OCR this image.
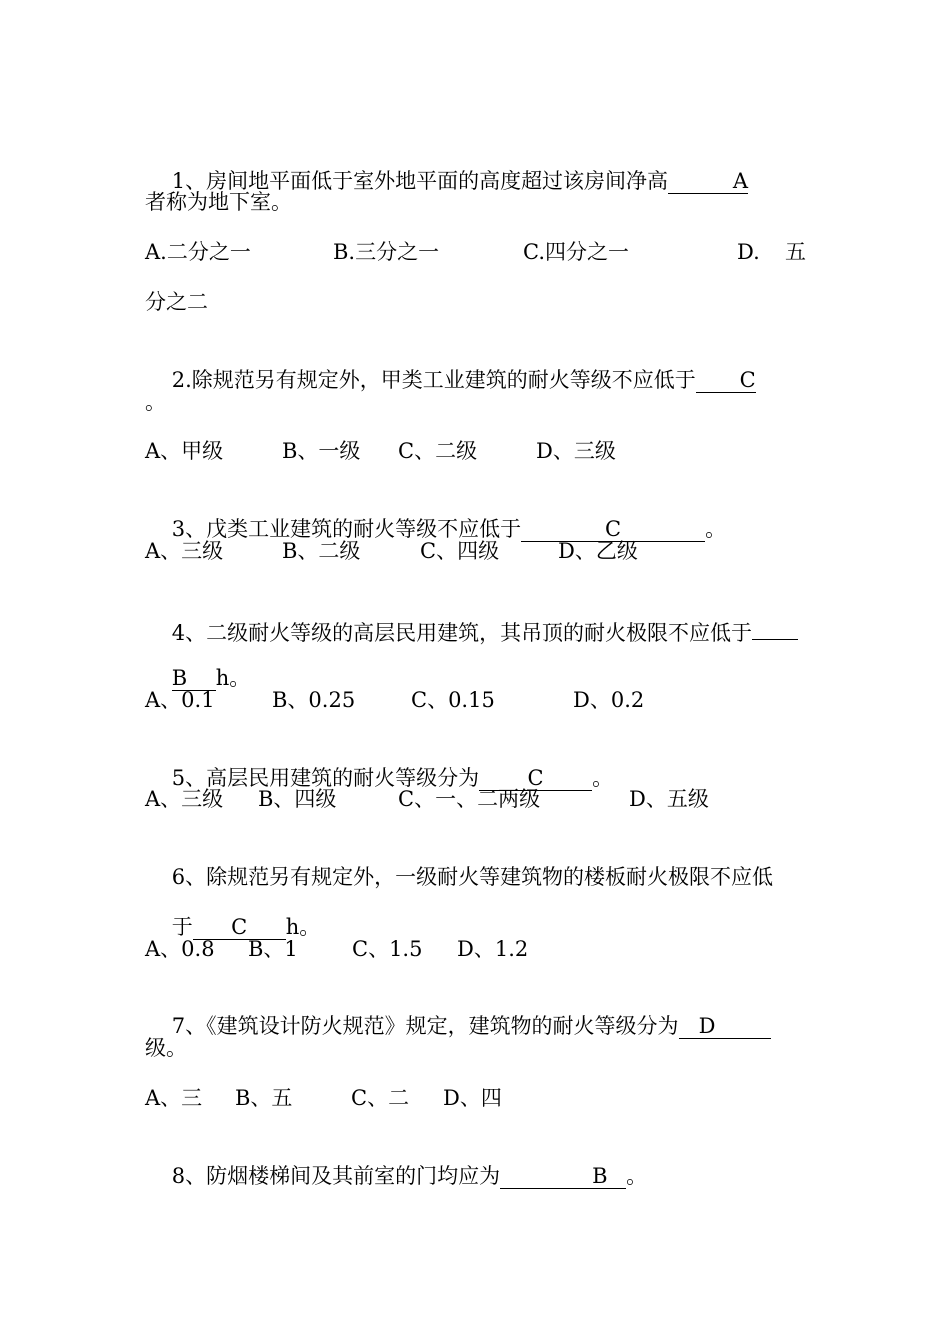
1、房间地平面低于室外地平面的高度超过该房间净高	A

者称为地下室。

A.二分之一

	B.三分之一

	C.四分之一

	D.

五

分之二

2.除规范另有规定外，甲类工业建筑的耐火等级不应低于 C

。

A、甲级

	B、一级

C、二级

	D、三级

3、戊类工业建筑的耐火等级不应低于	C	。

A、三级

	B、二级

	C、四级

	D、乙级

4、二级耐火等级的高层民用建筑，其吊顶的耐火极限不应低于

B h。

A、0.1

	B、0.25

	C、0.15

	D、0.2

5、高层民用建筑的耐火等级分为 C 。

A、三级

B、四级

	C、一、二两级

	D、五级

6、除规范另有规定外，一级耐火等建筑物的楼板耐火极限不应低

于 C h。

A、0.8

B、1

	C、1.5

D、1.2

7、《建筑设计防火规范》规定，建筑物的耐火等级分为 D

级。

A、三

B、五

	C、二

D、四

8、防烟楼梯间及其前室的门均应为	B 。
